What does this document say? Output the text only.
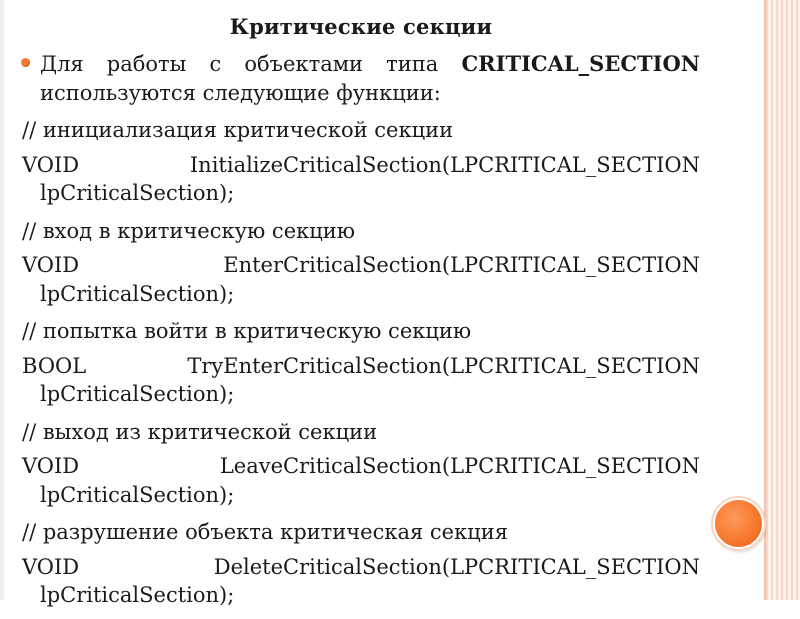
Критические секции

Для работы с объектами типа CRITICAL_SECTION используются следующие функции:

// инициализация критической секции

VOID	InitializeCriticalSection(LPCRITICAL_SECTION
lpCriticalSection);

// вход в критическую секцию

VOID	EnterCriticalSection(LPCRITICAL_SECTION
lpCriticalSection);

// попытка войти в критическую секцию

BOOL	TryEnterCriticalSection(LPCRITICAL_SECTION
lpCriticalSection);

// выход из критической секции

VOID	LeaveCriticalSection(LPCRITICAL_SECTION
lpCriticalSection);

// разрушение объекта критическая секция

VOID	DeleteCriticalSection(LPCRITICAL_SECTION
lpCriticalSection);
